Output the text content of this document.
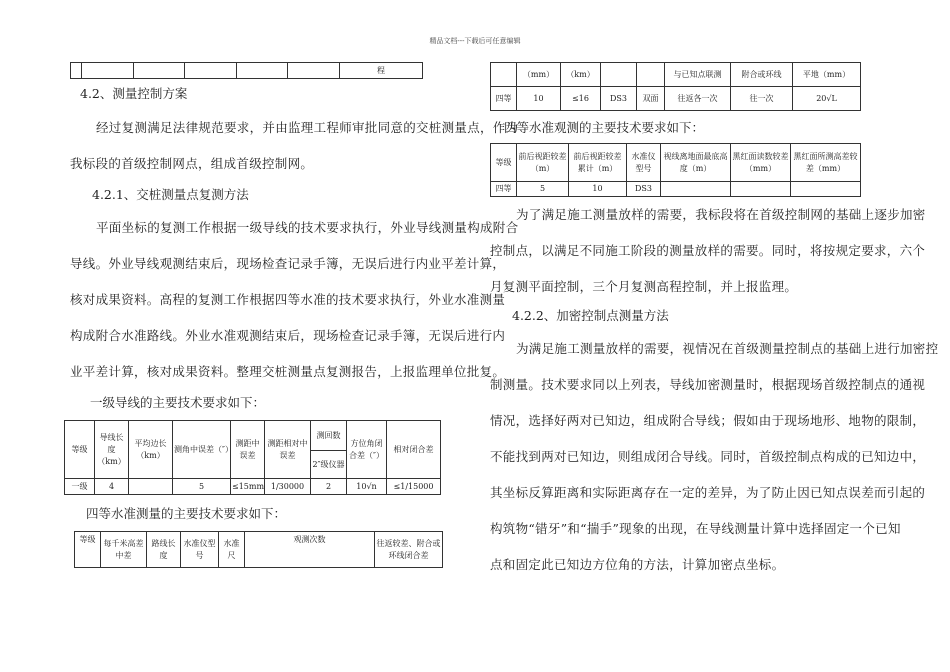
精品文档---下载后可任意编辑
						程

4.2、测量控制方案

经过复测满足法律规范要求，并由监理工程师审批同意的交桩测量点，作为

我标段的首级控制网点，组成首级控制网。

4.2.1、交桩测量点复测方法

平面坐标的复测工作根据一级导线的技术要求执行，外业导线测量构成附合

导线。外业导线观测结束后，现场检查记录手簿，无误后进行内业平差计算，

核对成果资料。高程的复测工作根据四等水准的技术要求执行，外业水准测量

构成附合水准路线。外业水准观测结束后，现场检查记录手簿，无误后进行内

业平差计算，核对成果资料。整理交桩测量点复测报告，上报监理单位批复。

一级导线的主要技术要求如下：

等级	导线长度（km）	平均边长（km）	测角中误差（″）	测距中误差	测距相对中误差	测回数	方位角闭合差（″）	相对闭合差
						2″级仪器		
一级	4		5	≤15mm	1/30000	2	10√n	≤1/15000

四等水准测量的主要技术要求如下：

等级	每千米高差中差	路线长度	水准仪型号	水准尺	观测次数	往返较差、附合或环线闭合差
	（mm）	（km）			与已知点联测	附合或环线	平地（mm）
四等	10	≤16	DS3	双面	往返各一次	往一次	20√L

四等水准观测的主要技术要求如下：

等级	前后视距较差（m）	前后视距较差累计（m）	水准仪型号	视线离地面最底高度（m）	黑红面读数较差（mm）	黑红面所测高差较差（mm）
四等	5	10	DS3			

为了满足施工测量放样的需要，我标段将在首级控制网的基础上逐步加密

控制点，以满足不同施工阶段的测量放样的需要。同时，将按规定要求，六个

月复测平面控制，三个月复测高程控制，并上报监理。

4.2.2、加密控制点测量方法

为满足施工测量放样的需要，视情况在首级测量控制点的基础上进行加密控

制测量。技术要求同以上列表，导线加密测量时，根据现场首级控制点的通视

情况，选择好两对已知边，组成附合导线；假如由于现场地形、地物的限制，

不能找到两对已知边，则组成闭合导线。同时，首级控制点构成的已知边中，

其坐标反算距离和实际距离存在一定的差异，为了防止因已知点误差而引起的

构筑物“错牙”和“揣手”现象的出现，在导线测量计算中选择固定一个已知

点和固定此已知边方位角的方法，计算加密点坐标。
